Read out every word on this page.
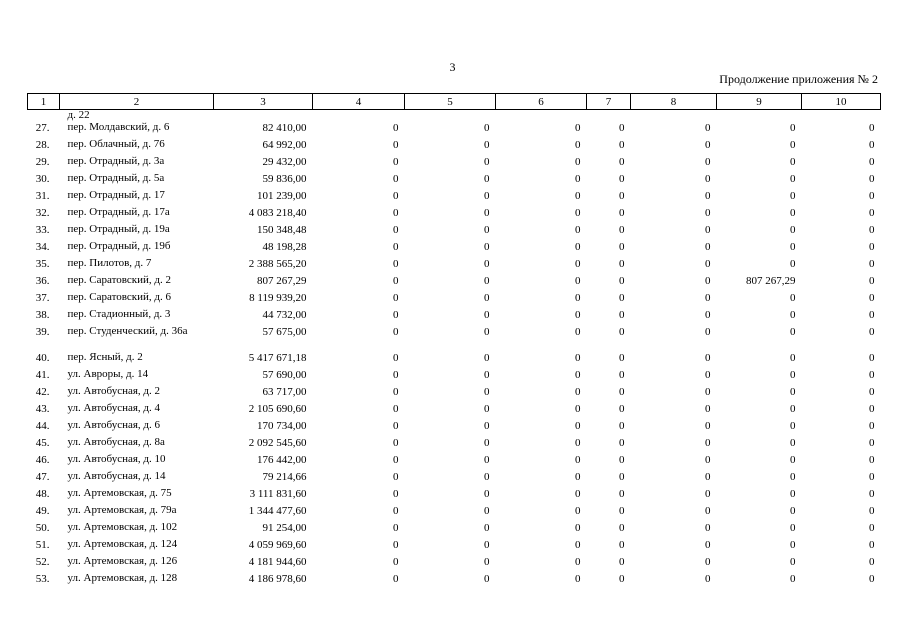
3
Продолжение приложения № 2
1	2	3	4	5	6	7	8	9	10
	д. 22								
27.	пер. Молдавский, д. 6	82 410,00	0	0	0	0	0	0	0
28.	пер. Облачный, д. 76	64 992,00	0	0	0	0	0	0	0
29.	пер. Отрадный, д. 3а	29 432,00	0	0	0	0	0	0	0
30.	пер. Отрадный, д. 5а	59 836,00	0	0	0	0	0	0	0
31.	пер. Отрадный, д. 17	101 239,00	0	0	0	0	0	0	0
32.	пер. Отрадный, д. 17а	4 083 218,40	0	0	0	0	0	0	0
33.	пер. Отрадный, д. 19а	150 348,48	0	0	0	0	0	0	0
34.	пер. Отрадный, д. 19б	48 198,28	0	0	0	0	0	0	0
35.	пер. Пилотов, д. 7	2 388 565,20	0	0	0	0	0	0	0
36.	пер. Саратовский, д. 2	807 267,29	0	0	0	0	0	807 267,29	0
37.	пер. Саратовский, д. 6	8 119 939,20	0	0	0	0	0	0	0
38.	пер. Стадионный, д. 3	44 732,00	0	0	0	0	0	0	0
39.	пер. Студенческий, д. 36а	57 675,00	0	0	0	0	0	0	0
40.	пер. Ясный, д. 2	5 417 671,18	0	0	0	0	0	0	0
41.	ул. Авроры, д. 14	57 690,00	0	0	0	0	0	0	0
42.	ул. Автобусная, д. 2	63 717,00	0	0	0	0	0	0	0
43.	ул. Автобусная, д. 4	2 105 690,60	0	0	0	0	0	0	0
44.	ул. Автобусная, д. 6	170 734,00	0	0	0	0	0	0	0
45.	ул. Автобусная, д. 8а	2 092 545,60	0	0	0	0	0	0	0
46.	ул. Автобусная, д. 10	176 442,00	0	0	0	0	0	0	0
47.	ул. Автобусная, д. 14	79 214,66	0	0	0	0	0	0	0
48.	ул. Артемовская, д. 75	3 111 831,60	0	0	0	0	0	0	0
49.	ул. Артемовская, д. 79а	1 344 477,60	0	0	0	0	0	0	0
50.	ул. Артемовская, д. 102	91 254,00	0	0	0	0	0	0	0
51.	ул. Артемовская, д. 124	4 059 969,60	0	0	0	0	0	0	0
52.	ул. Артемовская, д. 126	4 181 944,60	0	0	0	0	0	0	0
53.	ул. Артемовская, д. 128	4 186 978,60	0	0	0	0	0	0	0
